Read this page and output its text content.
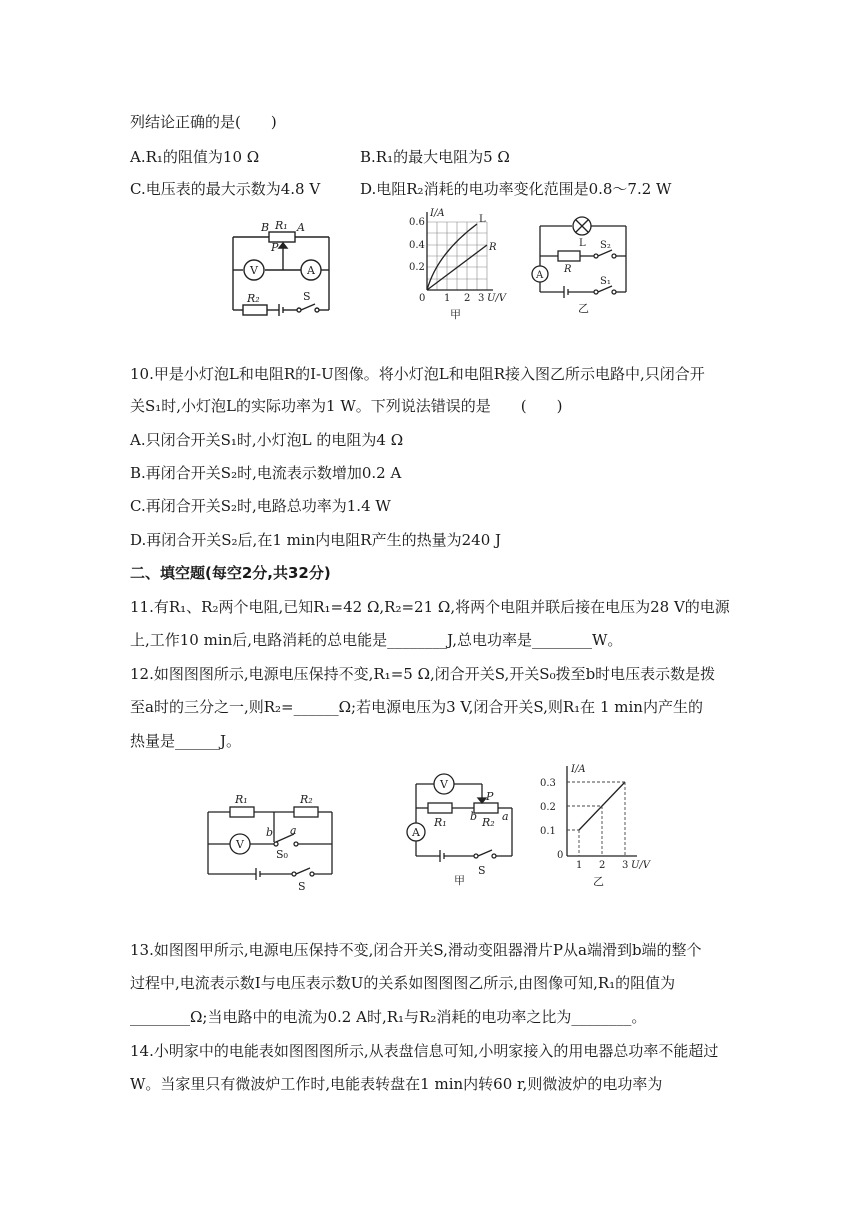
列结论正确的是(　　)
A.R₁的阻值为10 Ω	B.R₁的最大电阻为5 Ω
C.电压表的最大示数为4.8 V	D.电阻R₂消耗的电功率变化范围是0.8～7.2 W
B R₁ A
P
V	A
R₂	S
I/A
0.6
0.4
0.2
0 1 2 3 U/V
L
R
甲
A
L S₂
R
S₁
乙
10.甲是小灯泡L和电阻R的I-U图像。将小灯泡L和电阻R接入图乙所示电路中,只闭合开
关S₁时,小灯泡L的实际功率为1 W。下列说法错误的是　　(　　)
A.只闭合开关S₁时,小灯泡L 的电阻为4 Ω
B.再闭合开关S₂时,电流表示数增加0.2 A
C.再闭合开关S₂时,电路总功率为1.4 W
D.再闭合开关S₂后,在1 min内电阻R产生的热量为240 J
二、填空题(每空2分,共32分)
11.有R₁、R₂两个电阻,已知R₁=42 Ω,R₂=21 Ω,将两个电阻并联后接在电压为28 V的电源
上,工作10 min后,电路消耗的总电能是________J,总电功率是________W。
12.如图图图所示,电源电压保持不变,R₁=5 Ω,闭合开关S,开关S₀拨至b时电压表示数是拨
至a时的三分之一,则R₂=______Ω;若电源电压为3 V,闭合开关S,则R₁在 1 min内产生的
热量是______J。
R₁	R₂
V
b a
S₀
S
V
A
P
R₁ b R₂ a
S
甲
I/A
0.3
0.2
0.1
0
1 2 3 U/V
乙
13.如图图甲所示,电源电压保持不变,闭合开关S,滑动变阻器滑片P从a端滑到b端的整个
过程中,电流表示数I与电压表示数U的关系如图图图乙所示,由图像可知,R₁的阻值为
________Ω;当电路中的电流为0.2 A时,R₁与R₂消耗的电功率之比为________。
14.小明家中的电能表如图图图所示,从表盘信息可知,小明家接入的用电器总功率不能超过
W。当家里只有微波炉工作时,电能表转盘在1 min内转60 r,则微波炉的电功率为
